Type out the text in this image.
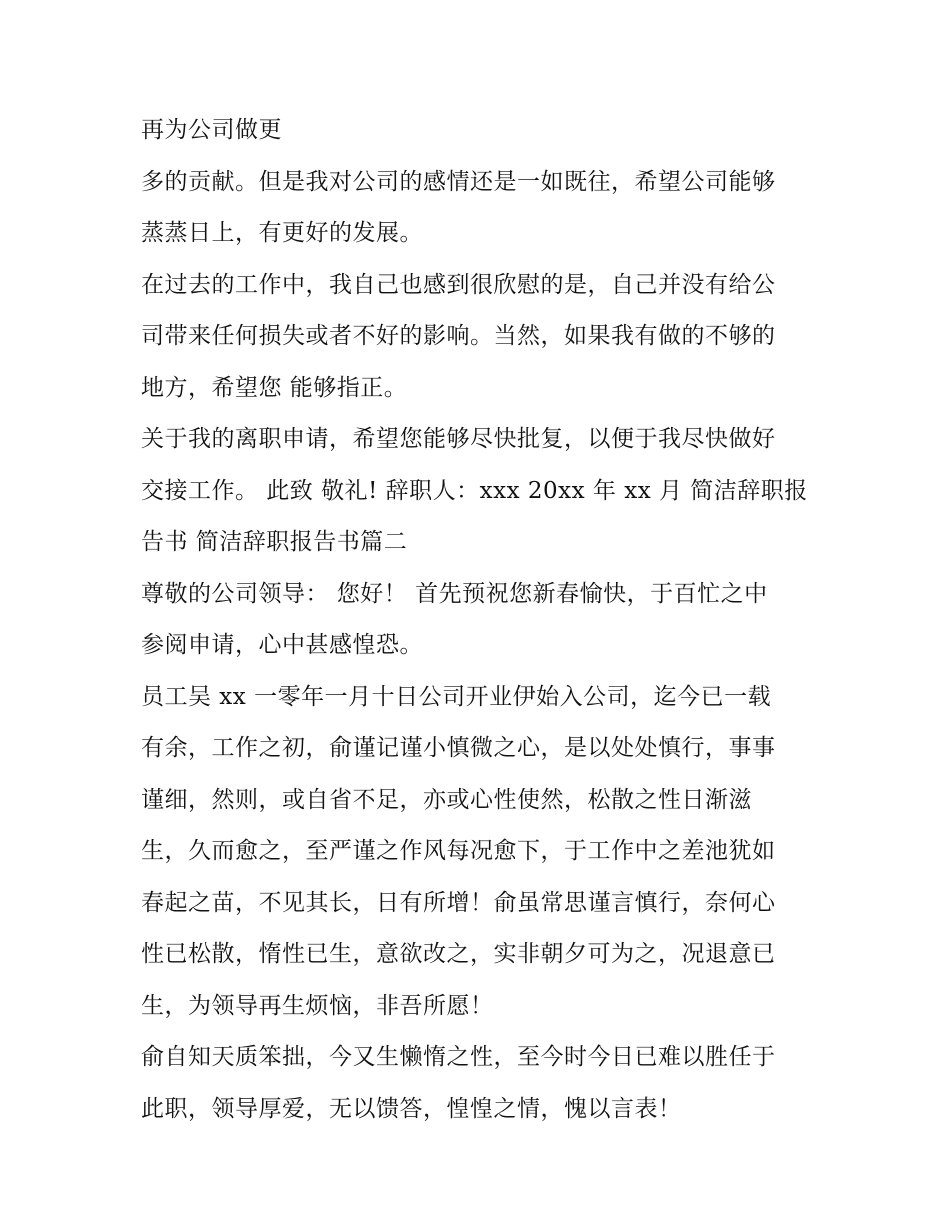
再为公司做更
多的贡献。但是我对公司的感情还是一如既往，希望公司能够
蒸蒸日上，有更好的发展。
在过去的工作中，我自己也感到很欣慰的是，自己并没有给公
司带来任何损失或者不好的影响。当然，如果我有做的不够的
地方，希望您 能够指正。
关于我的离职申请，希望您能够尽快批复，以便于我尽快做好
交接工作。 此致 敬礼! 辞职人：xxx 20xx 年 xx 月 简洁辞职报
告书 简洁辞职报告书篇二
尊敬的公司领导： 您好！ 首先预祝您新春愉快，于百忙之中
参阅申请，心中甚感惶恐。
员工吴 xx 一零年一月十日公司开业伊始入公司，迄今已一载
有余，工作之初，俞谨记谨小慎微之心，是以处处慎行，事事
谨细，然则，或自省不足，亦或心性使然，松散之性日渐滋
生，久而愈之，至严谨之作风每况愈下，于工作中之差池犹如
春起之苗，不见其长，日有所增！俞虽常思谨言慎行，奈何心
性已松散，惰性已生，意欲改之，实非朝夕可为之，况退意已
生，为领导再生烦恼，非吾所愿！
俞自知天质笨拙，今又生懒惰之性，至今时今日已难以胜任于
此职，领导厚爱，无以馈答，惶惶之情，愧以言表！
